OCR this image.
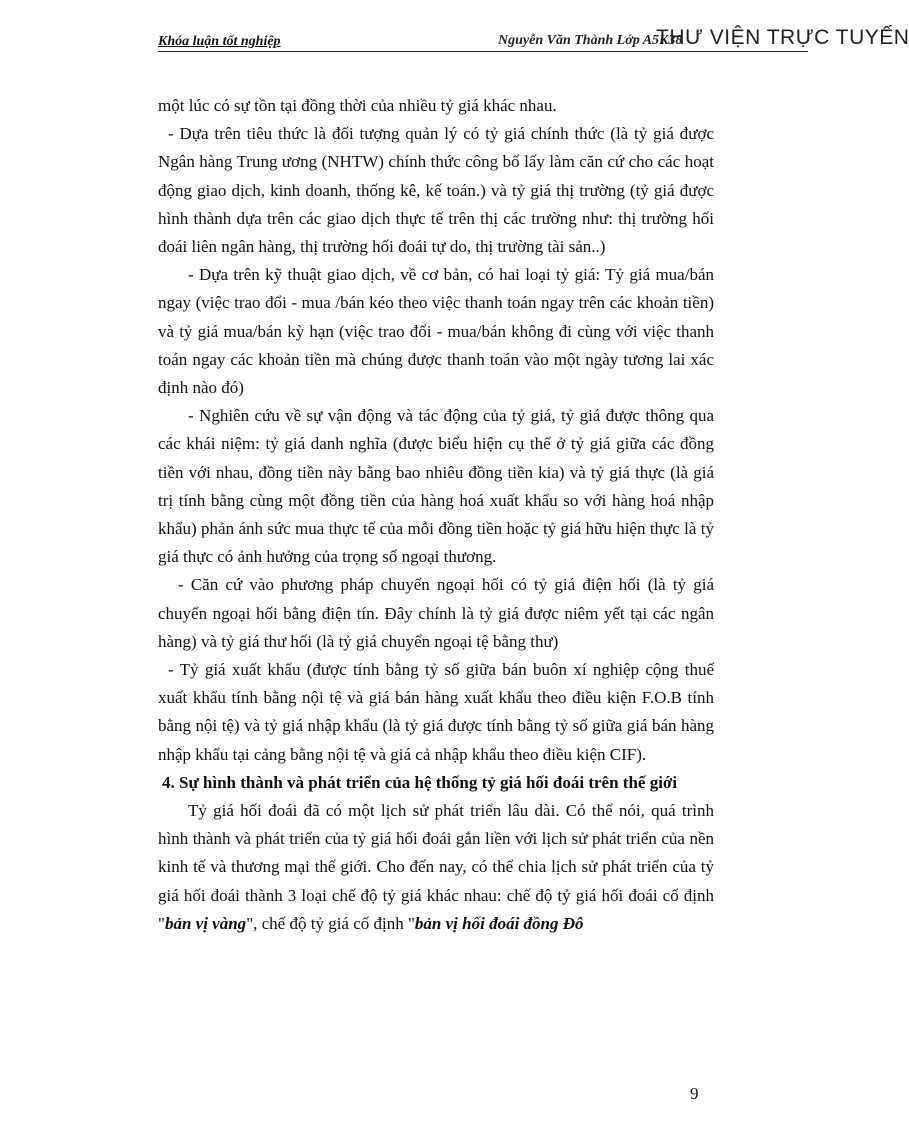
Khóa luận tốt nghiệp	Nguyễn Văn Thành Lớp A5K38
THƯ VIỆN TRỰC TUYẾN

một lúc có sự tồn tại đồng thời của nhiều tỷ giá khác nhau.

- Dựa trên tiêu thức là đối tượng quản lý có tỷ giá chính thức (là tỷ giá được Ngân hàng Trung ương (NHTW) chính thức công bố lấy làm căn cứ cho các hoạt động giao dịch, kinh doanh, thống kê, kế toán.) và tỷ giá thị trường (tỷ giá được hình thành dựa trên các giao dịch thực tế trên thị các trường như: thị trường hối đoái liên ngân hàng, thị trường hối đoái tự do, thị trường tài sản..)

- Dựa trên kỹ thuật giao dịch, về cơ bản, có hai loại tỷ giá: Tỷ giá mua/bán ngay (việc trao đổi - mua /bán kéo theo việc thanh toán ngay trên các khoản tiền) và tỷ giá mua/bán kỳ hạn (việc trao đổi - mua/bán không đi cùng với việc thanh toán ngay các khoản tiền mà chúng được thanh toán vào một ngày tương lai xác định nào đó)

- Nghiên cứu về sự vận động và tác động của tỷ giá, tỷ giá được thông qua các khái niệm: tỷ giá danh nghĩa (được biểu hiện cụ thể ở tỷ giá giữa các đồng tiền với nhau, đồng tiền này bằng bao nhiêu đồng tiền kia) và tỷ giá thực (là giá trị tính bằng cùng một đồng tiền của hàng hoá xuất khẩu so với hàng hoá nhập khẩu) phản ánh sức mua thực tế của mỗi đồng tiền hoặc tỷ giá hữu hiện thực là tỷ giá thực có ảnh hưởng của trọng số ngoại thương.

- Căn cứ vào phương pháp chuyển ngoại hối có tỷ giá điện hối (là tỷ giá chuyển ngoại hối bằng điện tín. Đây chính là tỷ giá được niêm yết tại các ngân hàng) và tỷ giá thư hối (là tỷ giá chuyển ngoại tệ bằng thư)

- Tỷ giá xuất khẩu (được tính bằng tỷ số giữa bán buôn xí nghiệp cộng thuế xuất khẩu tính bằng nội tệ và giá bán hàng xuất khẩu theo điều kiện F.O.B tính bằng nội tệ) và tỷ giá nhập khẩu (là tỷ giá được tính bằng tỷ số giữa giá bán hàng nhập khẩu tại cảng bằng nội tệ và giá cả nhập khẩu theo điều kiện CIF).

4. Sự hình thành và phát triển của hệ thống tỷ giá hối đoái trên thế giới

Tỷ giá hối đoái đã có một lịch sử phát triển lâu dài. Có thể nói, quá trình hình thành và phát triển của tỷ giá hối đoái gắn liền với lịch sử phát triển của nền kinh tế và thương mại thế giới. Cho đến nay, có thể chia lịch sử phát triển của tỷ giá hối đoái thành 3 loại chế độ tỷ giá khác nhau: chế độ tỷ giá hối đoái cố định "bản vị vàng", chế độ tỷ giá cố định "bản vị hối đoái đồng Đô

9
